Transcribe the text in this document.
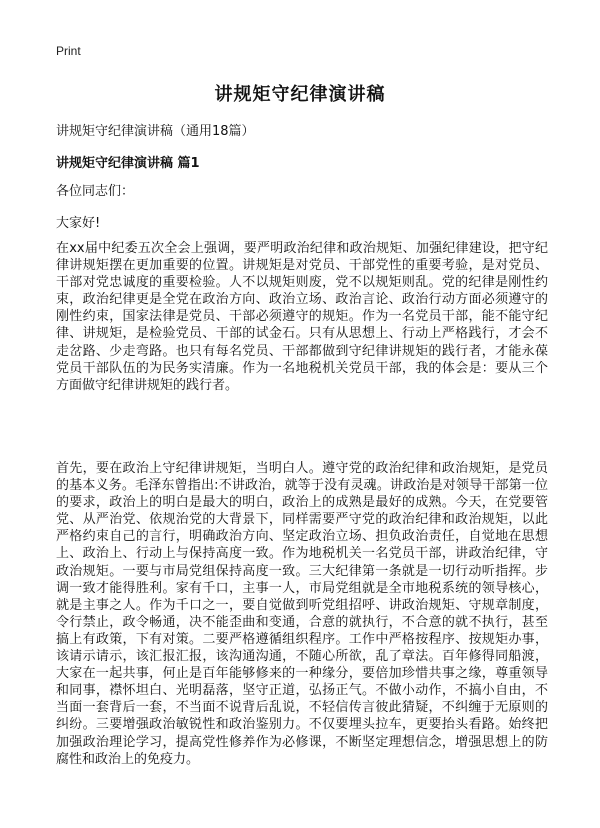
Print
讲规矩守纪律演讲稿
讲规矩守纪律演讲稿（通用18篇）
讲规矩守纪律演讲稿 篇1
各位同志们：
大家好!

在xx届中纪委五次全会上强调，要严明政治纪律和政治规矩、加强纪律建设，把守纪律讲规矩摆在更加重要的位置。讲规矩是对党员、干部党性的重要考验，是对党员、干部对党忠诚度的重要检验。人不以规矩则废，党不以规矩则乱。党的纪律是刚性约束，政治纪律更是全党在政治方向、政治立场、政治言论、政治行动方面必须遵守的刚性约束，国家法律是党员、干部必须遵守的规矩。作为一名党员干部，能不能守纪律、讲规矩，是检验党员、干部的试金石。只有从思想上、行动上严格践行，才会不走岔路、少走弯路。也只有每名党员、干部都做到守纪律讲规矩的践行者，才能永葆党员干部队伍的为民务实清廉。作为一名地税机关党员干部，我的体会是：要从三个方面做守纪律讲规矩的践行者。

首先，要在政治上守纪律讲规矩，当明白人。遵守党的政治纪律和政治规矩，是党员的基本义务。毛泽东曾指出:不讲政治，就等于没有灵魂。讲政治是对领导干部第一位的要求，政治上的明白是最大的明白，政治上的成熟是最好的成熟。今天，在党要管党、从严治党、依规治党的大背景下，同样需要严守党的政治纪律和政治规矩，以此严格约束自己的言行，明确政治方向、坚定政治立场、担负政治责任，自觉地在思想上、政治上、行动上与保持高度一致。作为地税机关一名党员干部，讲政治纪律，守政治规矩。一要与市局党组保持高度一致。三大纪律第一条就是一切行动听指挥。步调一致才能得胜利。家有千口，主事一人，市局党组就是全市地税系统的领导核心，就是主事之人。作为千口之一，要自觉做到听党组招呼、讲政治规矩、守规章制度，令行禁止，政令畅通，决不能歪曲和变通，合意的就执行，不合意的就不执行，甚至搞上有政策，下有对策。二要严格遵循组织程序。工作中严格按程序、按规矩办事，该请示请示，该汇报汇报，该沟通沟通，不随心所欲，乱了章法。百年修得同船渡，大家在一起共事，何止是百年能够修来的一种缘分，要倍加珍惜共事之缘，尊重领导和同事，襟怀坦白、光明磊落，坚守正道，弘扬正气。不做小动作，不搞小自由，不当面一套背后一套，不当面不说背后乱说，不轻信传言彼此猜疑，不纠缠于无原则的纠纷。三要增强政治敏锐性和政治鉴别力。不仅要埋头拉车，更要抬头看路。始终把加强政治理论学习，提高党性修养作为必修课，不断坚定理想信念，增强思想上的防腐性和政治上的免疫力。
